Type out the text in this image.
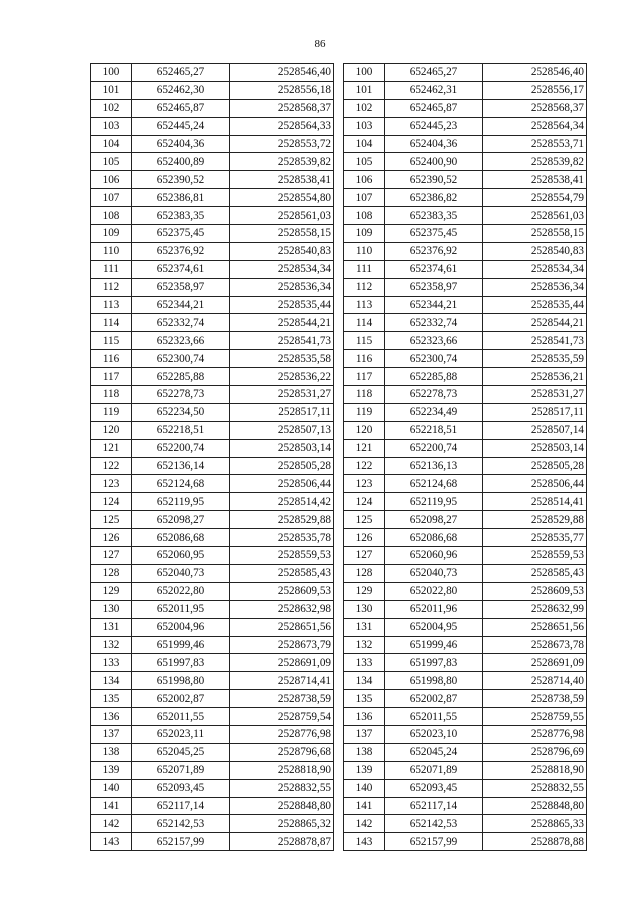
86
100	652465,27	2528546,40
101	652462,30	2528556,18
102	652465,87	2528568,37
103	652445,24	2528564,33
104	652404,36	2528553,72
105	652400,89	2528539,82
106	652390,52	2528538,41
107	652386,81	2528554,80
108	652383,35	2528561,03
109	652375,45	2528558,15
110	652376,92	2528540,83
111	652374,61	2528534,34
112	652358,97	2528536,34
113	652344,21	2528535,44
114	652332,74	2528544,21
115	652323,66	2528541,73
116	652300,74	2528535,58
117	652285,88	2528536,22
118	652278,73	2528531,27
119	652234,50	2528517,11
120	652218,51	2528507,13
121	652200,74	2528503,14
122	652136,14	2528505,28
123	652124,68	2528506,44
124	652119,95	2528514,42
125	652098,27	2528529,88
126	652086,68	2528535,78
127	652060,95	2528559,53
128	652040,73	2528585,43
129	652022,80	2528609,53
130	652011,95	2528632,98
131	652004,96	2528651,56
132	651999,46	2528673,79
133	651997,83	2528691,09
134	651998,80	2528714,41
135	652002,87	2528738,59
136	652011,55	2528759,54
137	652023,11	2528776,98
138	652045,25	2528796,68
139	652071,89	2528818,90
140	652093,45	2528832,55
141	652117,14	2528848,80
142	652142,53	2528865,32
143	652157,99	2528878,87
100	652465,27	2528546,40
101	652462,31	2528556,17
102	652465,87	2528568,37
103	652445,23	2528564,34
104	652404,36	2528553,71
105	652400,90	2528539,82
106	652390,52	2528538,41
107	652386,82	2528554,79
108	652383,35	2528561,03
109	652375,45	2528558,15
110	652376,92	2528540,83
111	652374,61	2528534,34
112	652358,97	2528536,34
113	652344,21	2528535,44
114	652332,74	2528544,21
115	652323,66	2528541,73
116	652300,74	2528535,59
117	652285,88	2528536,21
118	652278,73	2528531,27
119	652234,49	2528517,11
120	652218,51	2528507,14
121	652200,74	2528503,14
122	652136,13	2528505,28
123	652124,68	2528506,44
124	652119,95	2528514,41
125	652098,27	2528529,88
126	652086,68	2528535,77
127	652060,96	2528559,53
128	652040,73	2528585,43
129	652022,80	2528609,53
130	652011,96	2528632,99
131	652004,95	2528651,56
132	651999,46	2528673,78
133	651997,83	2528691,09
134	651998,80	2528714,40
135	652002,87	2528738,59
136	652011,55	2528759,55
137	652023,10	2528776,98
138	652045,24	2528796,69
139	652071,89	2528818,90
140	652093,45	2528832,55
141	652117,14	2528848,80
142	652142,53	2528865,33
143	652157,99	2528878,88
